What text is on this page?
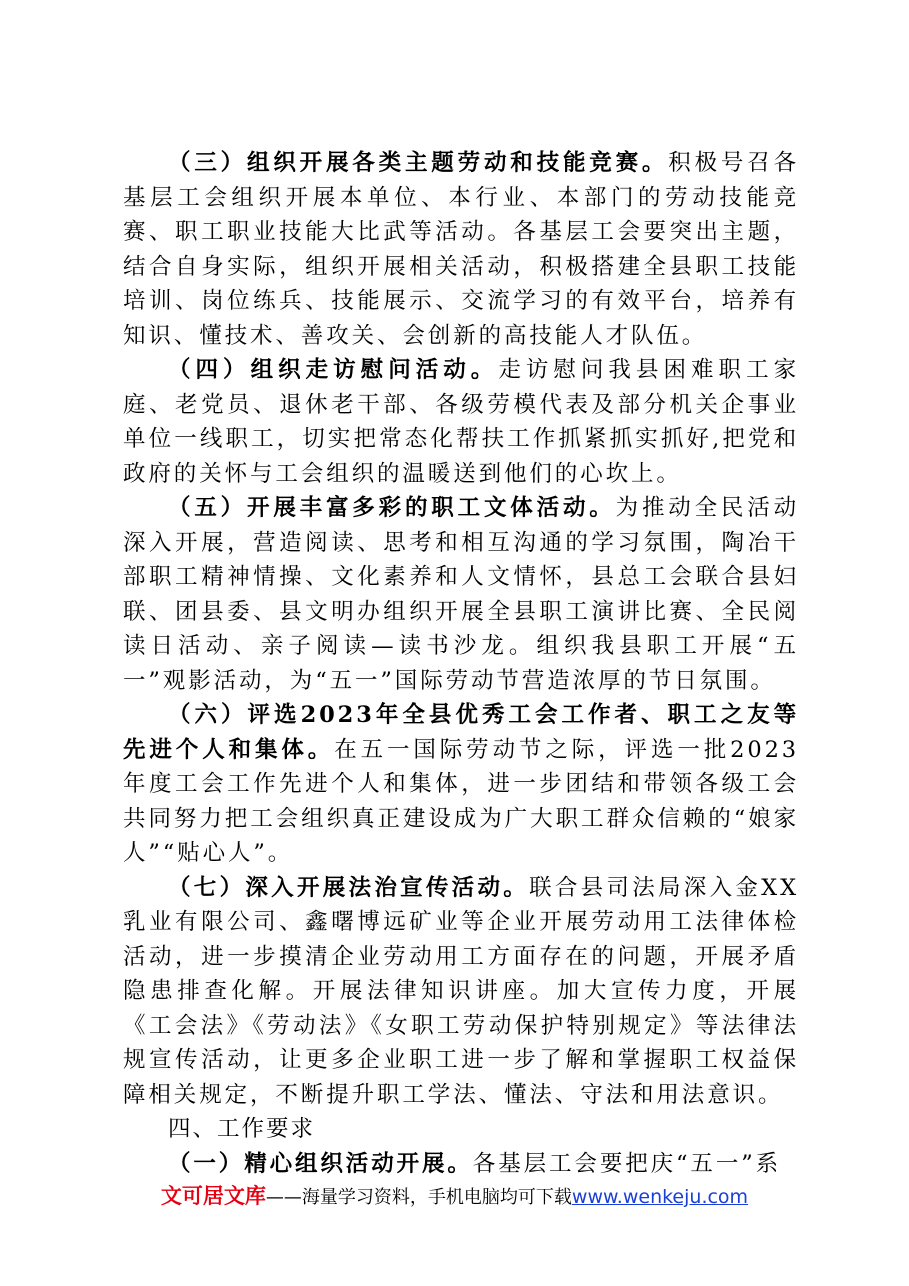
（三）组织开展各类主题劳动和技能竞赛。积极号召各基层工会组织开展本单位、本行业、本部门的劳动技能竞赛、职工职业技能大比武等活动。各基层工会要突出主题，结合自身实际，组织开展相关活动，积极搭建全县职工技能培训、岗位练兵、技能展示、交流学习的有效平台，培养有知识、懂技术、善攻关、会创新的高技能人才队伍。

（四）组织走访慰问活动。走访慰问我县困难职工家庭、老党员、退休老干部、各级劳模代表及部分机关企事业单位一线职工，切实把常态化帮扶工作抓紧抓实抓好,把党和政府的关怀与工会组织的温暖送到他们的心坎上。

（五）开展丰富多彩的职工文体活动。为推动全民活动深入开展，营造阅读、思考和相互沟通的学习氛围，陶冶干部职工精神情操、文化素养和人文情怀，县总工会联合县妇联、团县委、县文明办组织开展全县职工演讲比赛、全民阅读日活动、亲子阅读—读书沙龙。组织我县职工开展“五一”观影活动，为“五一”国际劳动节营造浓厚的节日氛围。

（六）评选2023年全县优秀工会工作者、职工之友等先进个人和集体。在五一国际劳动节之际，评选一批2023年度工会工作先进个人和集体，进一步团结和带领各级工会共同努力把工会组织真正建设成为广大职工群众信赖的“娘家人”“贴心人”。

（七）深入开展法治宣传活动。联合县司法局深入金XX乳业有限公司、鑫曙博远矿业等企业开展劳动用工法律体检活动，进一步摸清企业劳动用工方面存在的问题，开展矛盾隐患排查化解。开展法律知识讲座。加大宣传力度，开展《工会法》《劳动法》《女职工劳动保护特别规定》等法律法规宣传活动，让更多企业职工进一步了解和掌握职工权益保障相关规定，不断提升职工学法、懂法、守法和用法意识。

四、工作要求

（一）精心组织活动开展。各基层工会要把庆“五一”系

文可居文库——海量学习资料，手机电脑均可下载www.wenkeju.com
